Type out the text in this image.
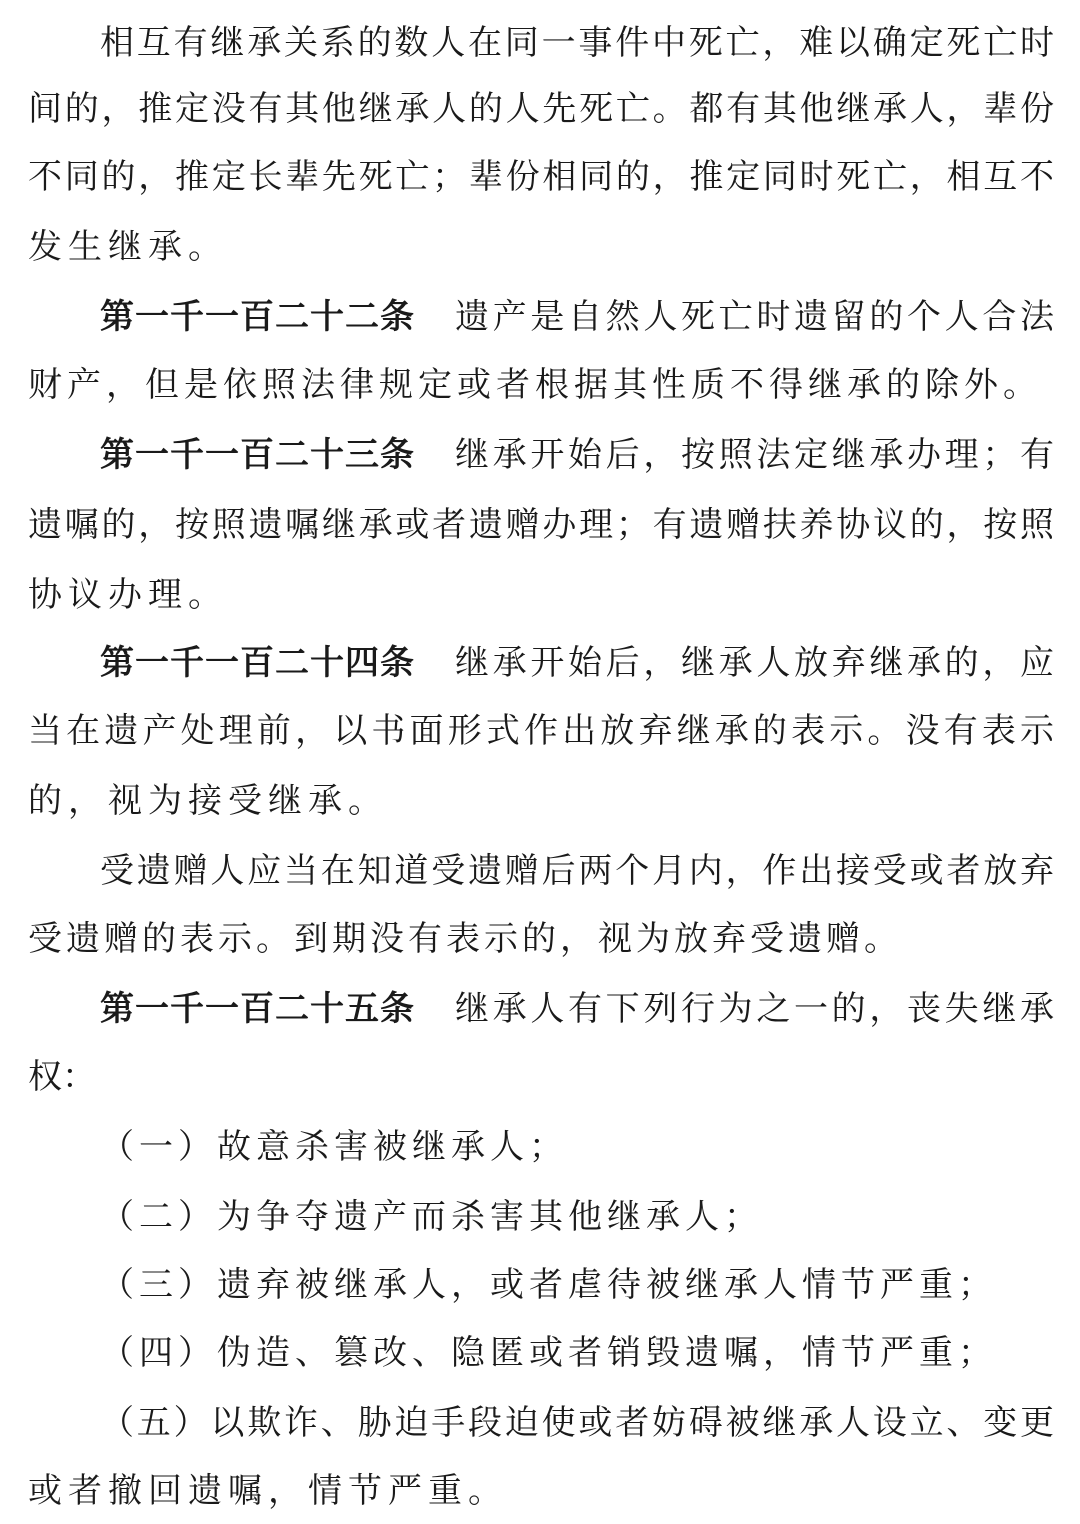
相互有继承关系的数人在同一事件中死亡，难以确定死亡时
间的，推定没有其他继承人的人先死亡。都有其他继承人，辈份
不同的，推定长辈先死亡；辈份相同的，推定同时死亡，相互不
发生继承。
第一千一百二十二条 遗产是自然人死亡时遗留的个人合法
财产，但是依照法律规定或者根据其性质不得继承的除外。
第一千一百二十三条 继承开始后，按照法定继承办理；有
遗嘱的，按照遗嘱继承或者遗赠办理；有遗赠扶养协议的，按照
协议办理。
第一千一百二十四条 继承开始后，继承人放弃继承的，应
当在遗产处理前，以书面形式作出放弃继承的表示。没有表示
的，视为接受继承。
受遗赠人应当在知道受遗赠后两个月内，作出接受或者放弃
受遗赠的表示。到期没有表示的，视为放弃受遗赠。
第一千一百二十五条 继承人有下列行为之一的，丧失继承
权：
（一）故意杀害被继承人；
（二）为争夺遗产而杀害其他继承人；
（三）遗弃被继承人，或者虐待被继承人情节严重；
（四）伪造、篡改、隐匿或者销毁遗嘱，情节严重；
（五）以欺诈、胁迫手段迫使或者妨碍被继承人设立、变更
或者撤回遗嘱，情节严重。
